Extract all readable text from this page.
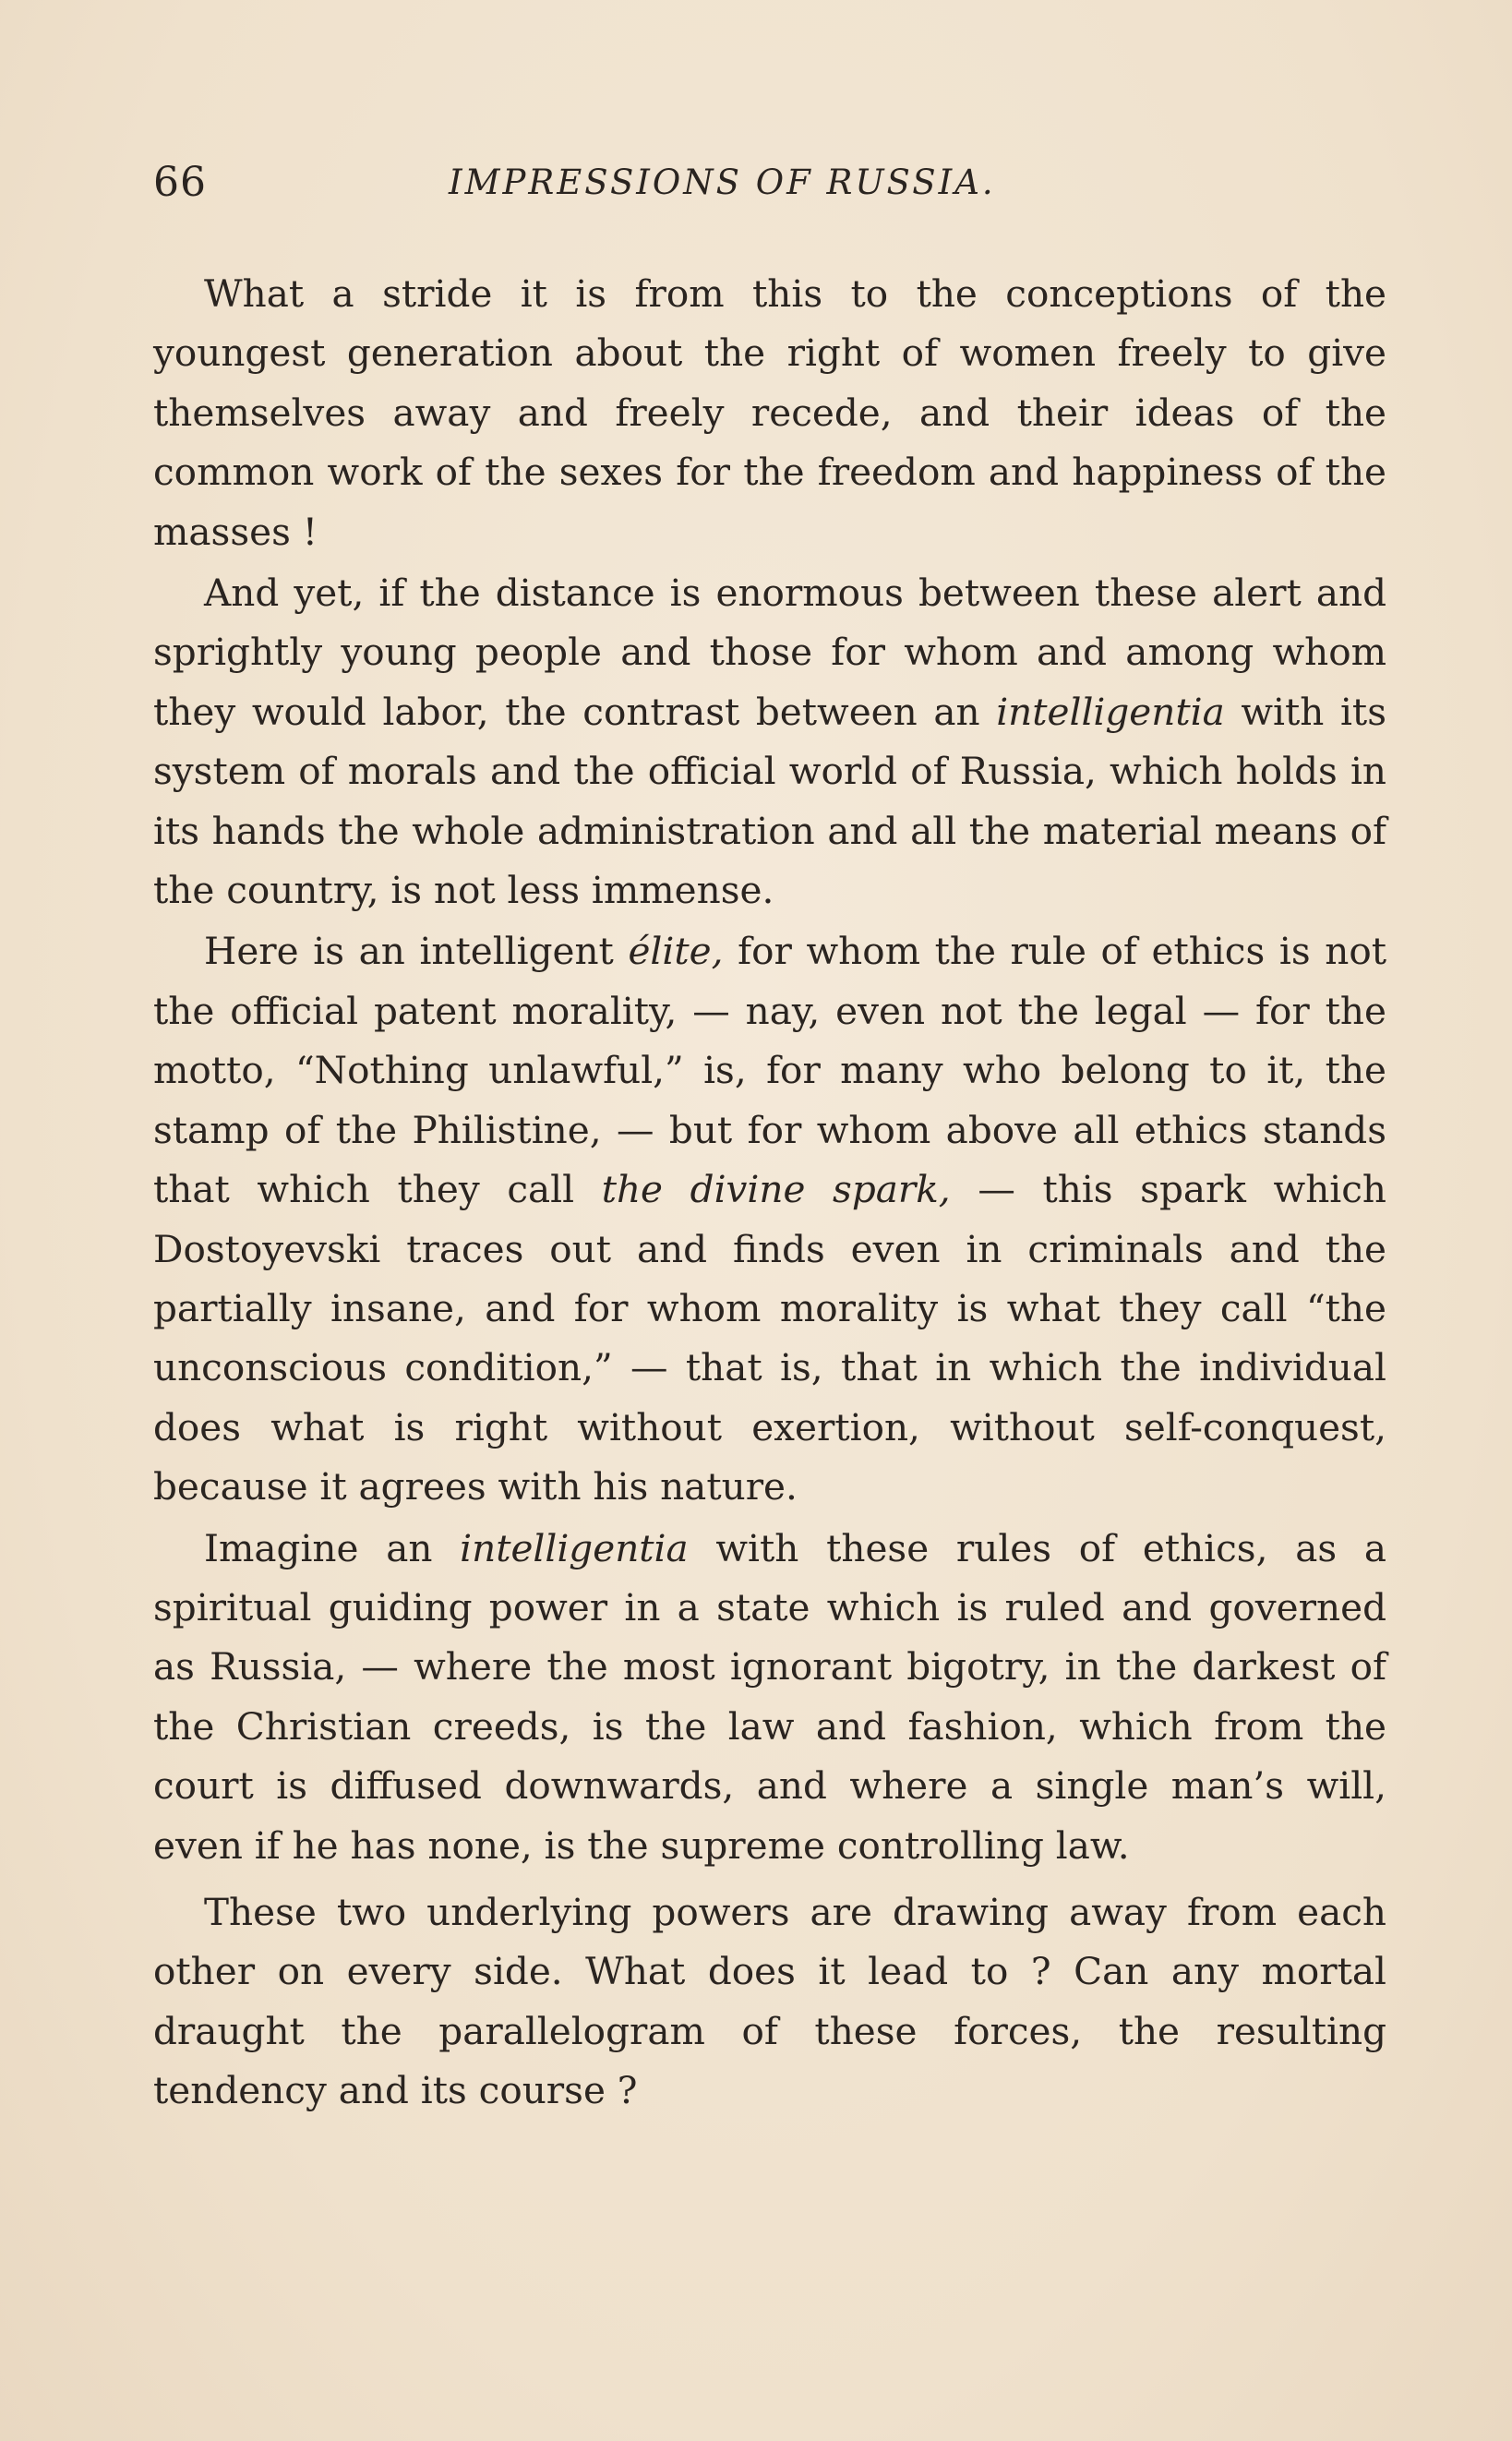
66	IMPRESSIONS OF RUSSIA.

What a stride it is from this to the conceptions of the youngest generation about the right of women freely to give themselves away and freely recede, and their ideas of the common work of the sexes for the freedom and happiness of the masses !

And yet, if the distance is enormous between these alert and sprightly young people and those for whom and among whom they would labor, the contrast between an intelligentia with its system of morals and the official world of Russia, which holds in its hands the whole administration and all the material means of the country, is not less immense.

Here is an intelligent élite, for whom the rule of ethics is not the official patent morality, — nay, even not the legal — for the motto, “Nothing unlawful,” is, for many who belong to it, the stamp of the Philistine, — but for whom above all ethics stands that which they call the divine spark, — this spark which Dostoyevski traces out and finds even in criminals and the partially insane, and for whom morality is what they call “the unconscious condition,” — that is, that in which the individual does what is right without exertion, without self-conquest, because it agrees with his nature.

Imagine an intelligentia with these rules of ethics, as a spiritual guiding power in a state which is ruled and governed as Russia, — where the most ignorant bigotry, in the darkest of the Christian creeds, is the law and fashion, which from the court is diffused downwards, and where a single man’s will, even if he has none, is the supreme controlling law.

These two underlying powers are drawing away from each other on every side. What does it lead to ? Can any mortal draught the parallelogram of these forces, the resulting tendency and its course ?
